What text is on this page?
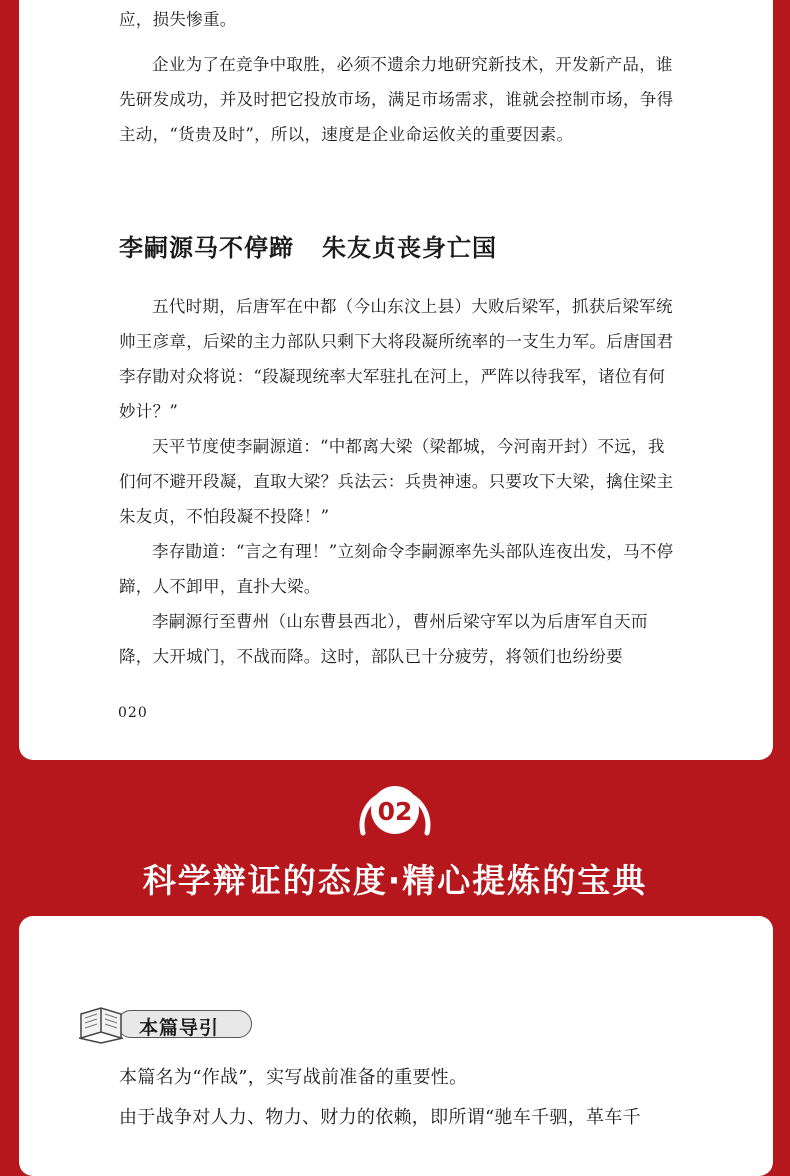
应，损失惨重。

企业为了在竞争中取胜，必须不遗余力地研究新技术，开发新产品，谁先研发成功，并及时把它投放市场，满足市场需求，谁就会控制市场，争得主动，“货贵及时”，所以，速度是企业命运攸关的重要因素。

李嗣源马不停蹄 朱友贞丧身亡国

五代时期，后唐军在中都（今山东汶上县）大败后梁军，抓获后梁军统帅王彦章，后梁的主力部队只剩下大将段凝所统率的一支生力军。后唐国君李存勖对众将说：“段凝现统率大军驻扎在河上，严阵以待我军，诸位有何妙计？”

天平节度使李嗣源道：“中都离大梁（梁都城，今河南开封）不远，我们何不避开段凝，直取大梁？兵法云：兵贵神速。只要攻下大梁，擒住梁主朱友贞，不怕段凝不投降！”

李存勖道：“言之有理！”立刻命令李嗣源率先头部队连夜出发，马不停蹄，人不卸甲，直扑大梁。

李嗣源行至曹州（山东曹县西北），曹州后梁守军以为后唐军自天而降，大开城门，不战而降。这时，部队已十分疲劳，将领们也纷纷要

020
02
科学辩证的态度·精心提炼的宝典
本篇导引

本篇名为“作战”，实写战前准备的重要性。

由于战争对人力、物力、财力的依赖，即所谓“驰车千驷，革车千
